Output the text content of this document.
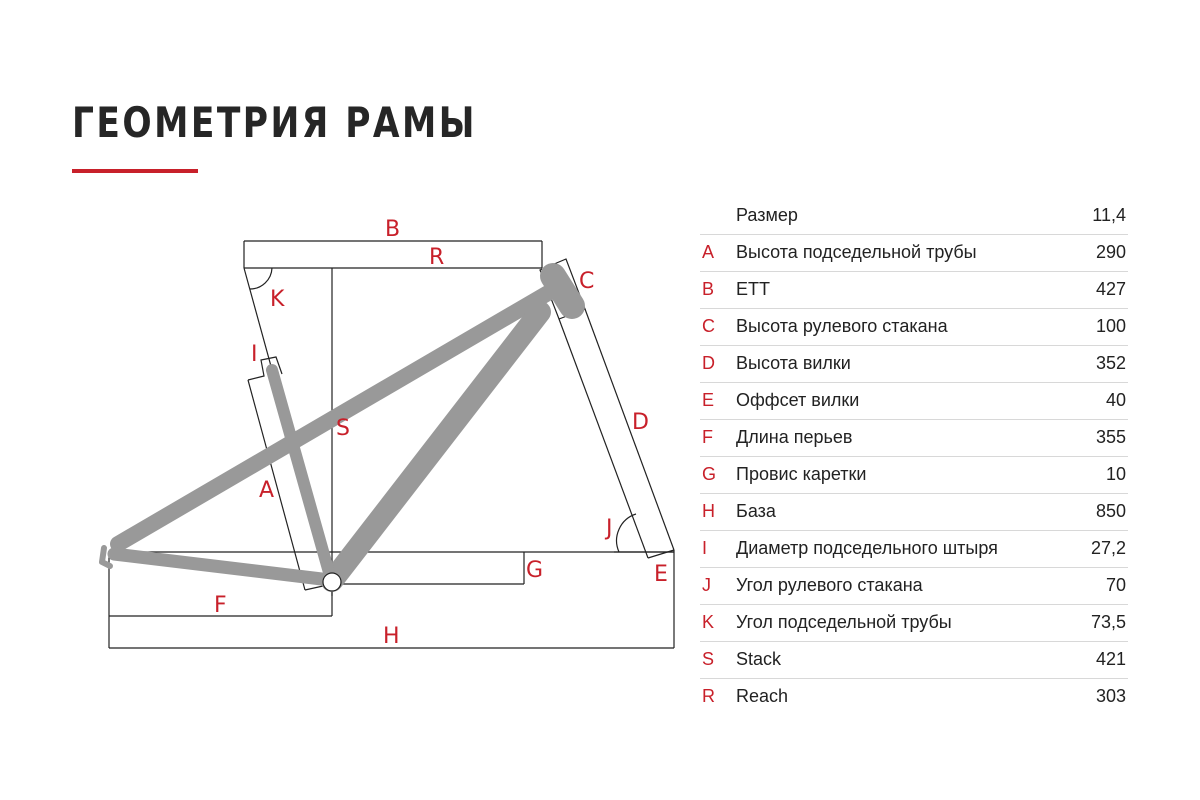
ГЕОМЕТРИЯ РАМЫ
B
R
K
C
I
S	D
A
J
G	E
F
H
Размер	11,4
A Высота подседельной трубы	290
B ETT	427
C Высота рулевого стакана	100
D Высота вилки	352
E Оффсет вилки	40
F Длина перьев	355
G Провис каретки	10
H База	850
I Диаметр подседельного штыря	27,2
J Угол рулевого стакана	70
K Угол подседельной трубы	73,5
S Stack	421
R Reach	303
